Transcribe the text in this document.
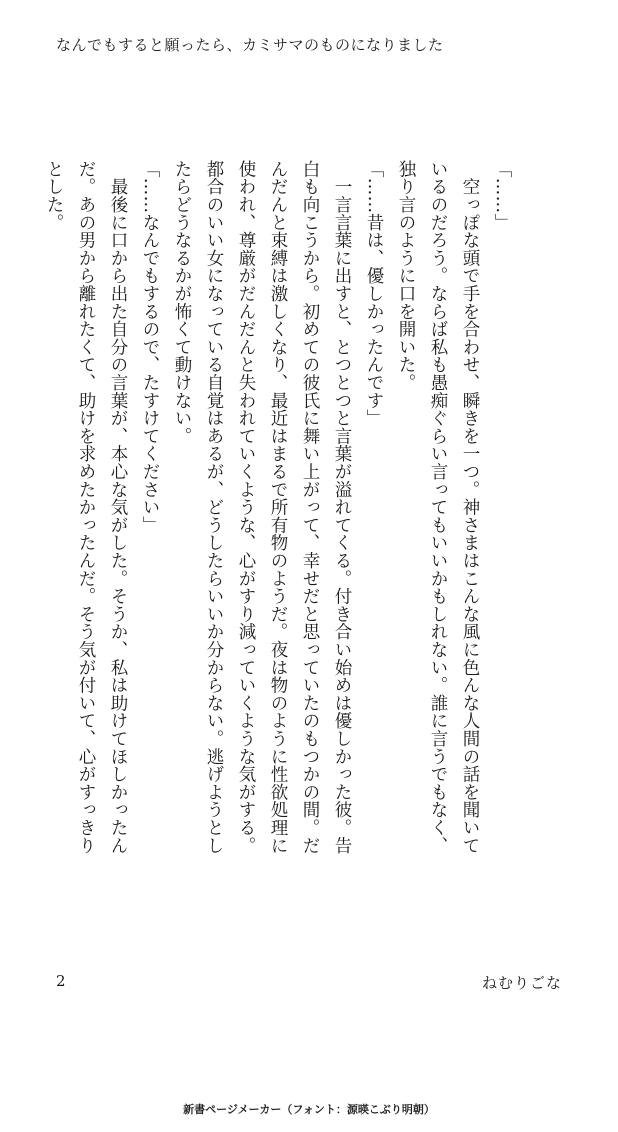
なんでもすると願ったら、カミサマのものになりました

「……」

　空っぽな頭で手を合わせ、瞬きを一つ。神さまはこんな風に色んな人間の話を聞いて

いるのだろう。ならば私も愚痴ぐらい言ってもいいかもしれない。誰に言うでもなく、

独り言のように口を開いた。

「……昔は、優しかったんです」

　一言言葉に出すと、とつとつと言葉が溢れてくる。付き合い始めは優しかった彼。告

白も向こうから。初めての彼氏に舞い上がって、幸せだと思っていたのもつかの間。だ

んだんと束縛は激しくなり、最近はまるで所有物のようだ。夜は物のように性欲処理に

使われ、尊厳がだんだんと失われていくような、心がすり減っていくような気がする。

都合のいい女になっている自覚はあるが、どうしたらいいか分からない。逃げようとし

たらどうなるかが怖くて動けない。

「……なんでもするので、たすけてください」

　最後に口から出た自分の言葉が、本心な気がした。そうか、私は助けてほしかったん

だ。あの男から離れたくて、助けを求めたかったんだ。そう気が付いて、心がすっきり

とした。

2	ねむりごな
新書ページメーカー（フォント：源暎こぶり明朝）
